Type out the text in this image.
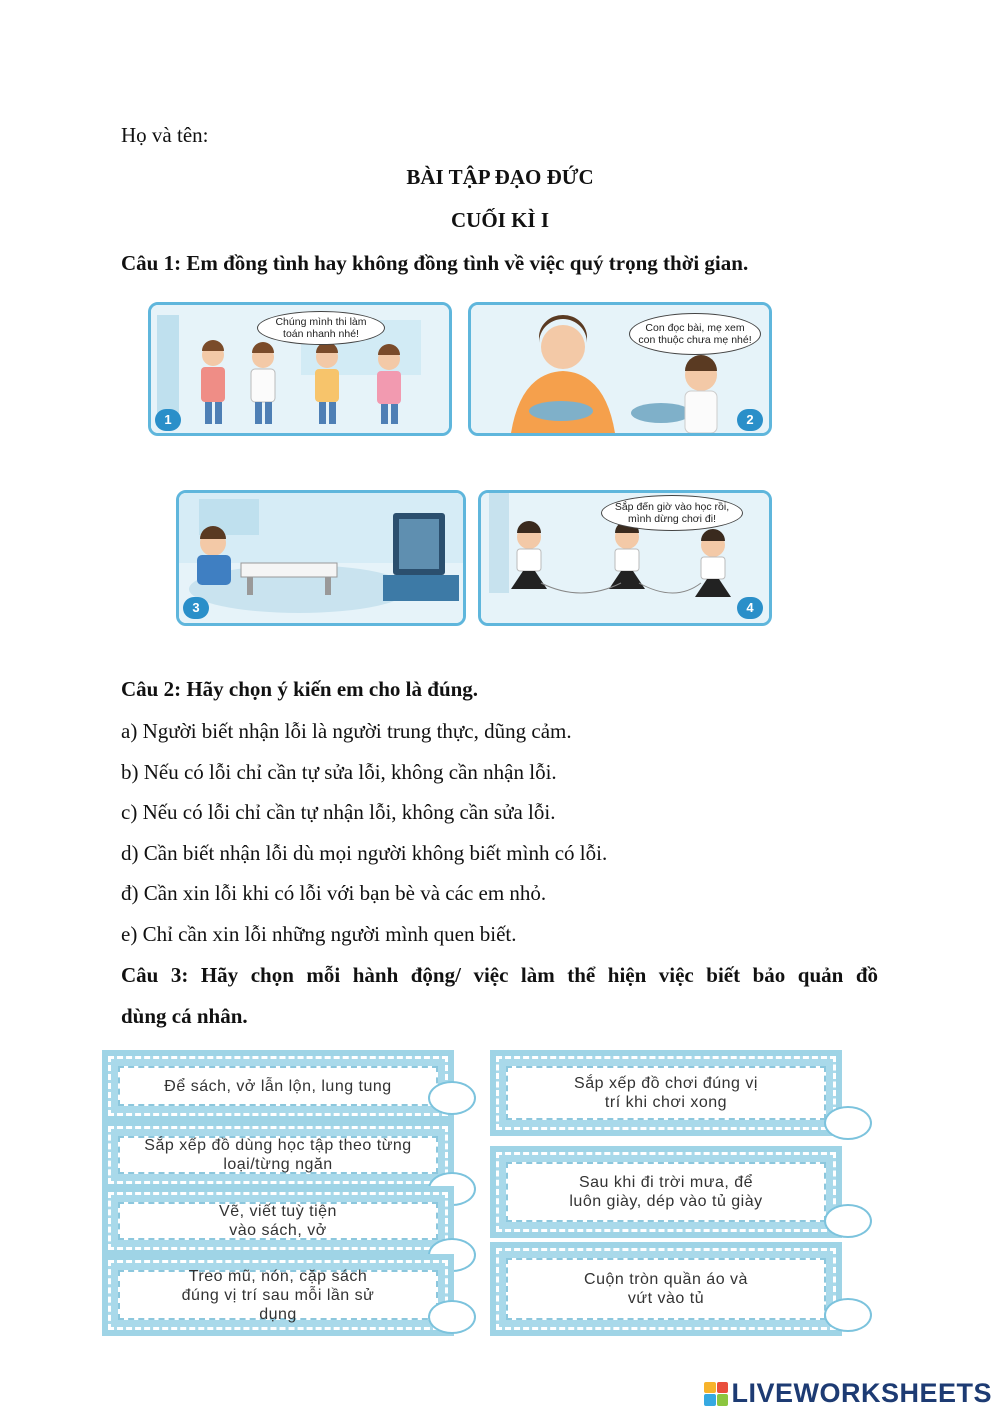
Họ và tên:
BÀI TẬP ĐẠO ĐỨC
CUỐI KÌ I
Câu 1: Em đồng tình hay không đồng tình về việc quý trọng thời gian.
Chúng mình thi làm toán nhanh nhé!
1
Con đọc bài, mẹ xem con thuộc chưa mẹ nhé!
2
3
Sắp đến giờ vào học rồi, mình dừng chơi đi!
4
Câu 2: Hãy chọn ý kiến em cho là đúng.
a) Người biết nhận lỗi là người trung thực, dũng cảm.
b) Nếu có lỗi chỉ cần tự sửa lỗi, không cần nhận lỗi.
c) Nếu có lỗi chỉ cần tự nhận lỗi, không cần sửa lỗi.
d) Cần biết nhận lỗi dù mọi người không biết mình có lỗi.
đ) Cần xin lỗi khi có lỗi với bạn bè và các em nhỏ.
e) Chỉ cần xin lỗi những người mình quen biết.
Câu 3: Hãy chọn mỗi hành động/ việc làm thể hiện việc biết bảo quản đồ
dùng cá nhân.
Để sách, vở lẫn lộn, lung tung
Sắp xếp đồ dùng học tập theo từng loại/từng ngăn
Vẽ, viết tuỳ tiện vào sách, vở
Treo mũ, nón, cặp sách đúng vị trí sau mỗi lần sử dụng
Sắp xếp đồ chơi đúng vị trí khi chơi xong
Sau khi đi trời mưa, để luôn giày, dép vào tủ giày
Cuộn tròn quần áo và vứt vào tủ
LIVEWORKSHEETS
